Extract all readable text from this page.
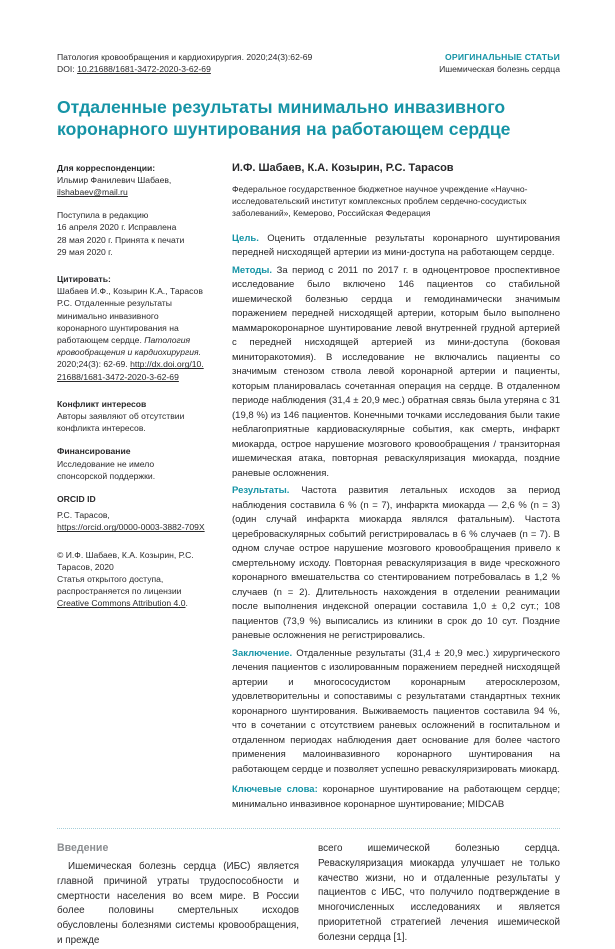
Патология кровообращения и кардиохирургия. 2020;24(3):62-69
DOI: 10.21688/1681-3472-2020-3-62-69
ОРИГИНАЛЬНЫЕ СТАТЬИ
Ишемическая болезнь сердца
Отдаленные результаты минимально инвазивного коронарного шунтирования на работающем сердце
Для корреспонденции:
Ильмир Фанилевич Шабаев,
ilshabaev@mail.ru
Поступила в редакцию
16 апреля 2020 г. Исправлена
28 мая 2020 г. Принята к печати
29 мая 2020 г.
Цитировать:
Шабаев И.Ф., Козырин К.А., Тарасов Р.С. Отдаленные результаты минимально инвазивного коронарного шунтирования на работающем сердце. Патология кровообращения и кардиохирургия. 2020;24(3): 62-69. http://dx.doi.org/10.21688/1681-3472-2020-3-62-69
Конфликт интересов
Авторы заявляют об отсутствии конфликта интересов.
Финансирование
Исследование не имело спонсорской поддержки.
ORCID ID
Р.С. Тарасов,
https://orcid.org/0000-0003-3882-709X
© И.Ф. Шабаев, К.А. Козырин, Р.С. Тарасов, 2020
Статья открытого доступа, распространяется по лицензии Creative Commons Attribution 4.0.
И.Ф. Шабаев, К.А. Козырин, Р.С. Тарасов
Федеральное государственное бюджетное научное учреждение «Научно-исследовательский институт комплексных проблем сердечно-сосудистых заболеваний», Кемерово, Российская Федерация

Цель. Оценить отдаленные результаты коронарного шунтирования передней нисходящей артерии из мини-доступа на работающем сердце.

Методы. За период с 2011 по 2017 г. в одноцентровое проспективное исследование было включено 146 пациентов со стабильной ишемической болезнью сердца и гемодинамически значимым поражением передней нисходящей артерии, которым было выполнено маммарокоронарное шунтирование левой внутренней грудной артерией с передней нисходящей артерией из мини-доступа (боковая миниторакотомия). В исследование не включались пациенты со значимым стенозом ствола левой коронарной артерии и пациенты, которым планировалась сочетанная операция на сердце. В отдаленном периоде наблюдения (31,4 ± 20,9 мес.) обратная связь была утеряна с 31 (19,8 %) из 146 пациентов. Конечными точками исследования были такие неблагоприятные кардиоваскулярные события, как смерть, инфаркт миокарда, острое нарушение мозгового кровообращения / транзиторная ишемическая атака, повторная реваскуляризация миокарда, поздние раневые осложнения.

Результаты. Частота развития летальных исходов за период наблюдения составила 6 % (n = 7), инфаркта миокарда — 2,6 % (n = 3) (один случай инфаркта миокарда являлся фатальным). Частота цереброваскулярных событий регистрировалась в 6 % случаев (n = 7). В одном случае острое нарушение мозгового кровообращения привело к смертельному исходу. Повторная реваскуляризация в виде чрескожного коронарного вмешательства со стентированием потребовалась в 1,2 % случаев (n = 2). Длительность нахождения в отделении реанимации после выполнения индексной операции составила 1,0 ± 0,2 сут.; 108 пациентов (73,9 %) выписались из клиники в срок до 10 сут. Поздние раневые осложнения не регистрировались.

Заключение. Отдаленные результаты (31,4 ± 20,9 мес.) хирургического лечения пациентов с изолированным поражением передней нисходящей артерии и многососудистом коронарным атеросклерозом, удовлетворительны и сопоставимы с результатами стандартных техник коронарного шунтирования. Выживаемость пациентов составила 94 %, что в сочетании с отсутствием раневых осложнений в госпитальном и отдаленном периодах наблюдения дает основание для более частого применения малоинвазивного коронарного шунтирования на работающем сердце и позволяет успешно реваскуляризировать миокард.

Ключевые слова: коронарное шунтирование на работающем сердце; минимально инвазивное коронарное шунтирование; MIDCAB

Введение

Ишемическая болезнь сердца (ИБС) является главной причиной утраты трудоспособности и смертности населения во всем мире. В России более половины смертельных исходов обусловлены болезнями системы кровообращения, и прежде

всего ишемической болезнью сердца. Реваскуляризация миокарда улучшает не только качество жизни, но и отдаленные результаты у пациентов с ИБС, что получило подтверждение в многочисленных исследованиях и является приоритетной стратегией лечения ишемической болезни сердца [1].
